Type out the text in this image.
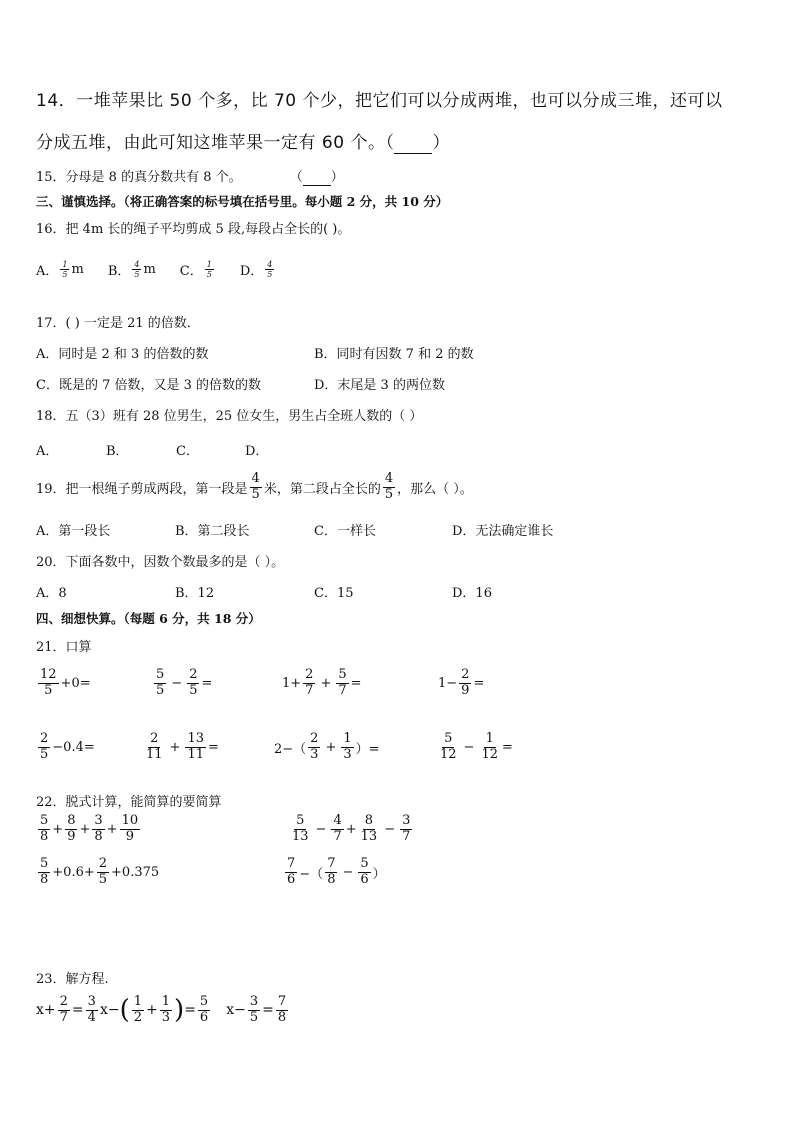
14．一堆苹果比 50 个多，比 70 个少，把它们可以分成两堆，也可以分成三堆，还可以
分成五堆，由此可知这堆苹果一定有 60 个。（ ）
15．分母是 8 的真分数共有 8 个。	（ ）
三、谨慎选择。（将正确答案的标号填在括号里。每小题 2 分，共 10 分）
16．把 4m 长的绳子平均剪成 5 段,每段占全长的( )。
A． $\frac{1}{5}$ m B． $\frac{4}{5}$ m C． $\frac{1}{5}$ D． $\frac{4}{5}$
17．( ) 一定是 21 的倍数．
A．同时是 2 和 3 的倍数的数	B．同时有因数 7 和 2 的数
C．既是的 7 倍数，又是 3 的倍数的数	D．末尾是 3 的两位数
18．五（3）班有 28 位男生，25 位女生，男生占全班人数的（ ）
A．	B．	C．	D．
19．把一根绳子剪成两段，第一段是 $\frac{4}{5}$ 米，第二段占全长的 $\frac{4}{5}$ ，那么（ ）。
A．第一段长	B．第二段长	C．一样长	D．无法确定谁长
20．下面各数中，因数个数最多的是（ ）。
A．8	B．12	C．15	D．16
四、细想快算。（每题 6 分，共 18 分）
21．口算
$\frac{12}{5} +0=$	$\frac{5}{5} - \frac{2}{5}$ =	$1+ \frac{2}{7} + \frac{5}{7}$ =	$1- \frac{2}{9}$ =
$\frac{2}{5} -0.4=$	$\frac{2}{11} + \frac{13}{11}$ =	$2-( \frac{2}{3} + \frac{1}{3}$ ）=	$\frac{5}{12} - \frac{1}{12}$ =
22．脱式计算，能简算的要简算
$\frac{5}{8} + \frac{8}{9} + \frac{3}{8} + \frac{10}{9}$	$\frac{5}{13} - \frac{4}{7} + \frac{8}{13} - \frac{3}{7}$
$\frac{5}{8} +0.6+ \frac{2}{5} +0.375$	$\frac{7}{6}$ −（ $\frac{7}{8} - \frac{5}{6}$ ）
23．解方程.
$x+ \frac{2}{7} = \frac{3}{4}$ x − ( $\frac{1}{2} + \frac{1}{3}$ ) = $\frac{5}{6} x- \frac{3}{5} = \frac{7}{8}$
